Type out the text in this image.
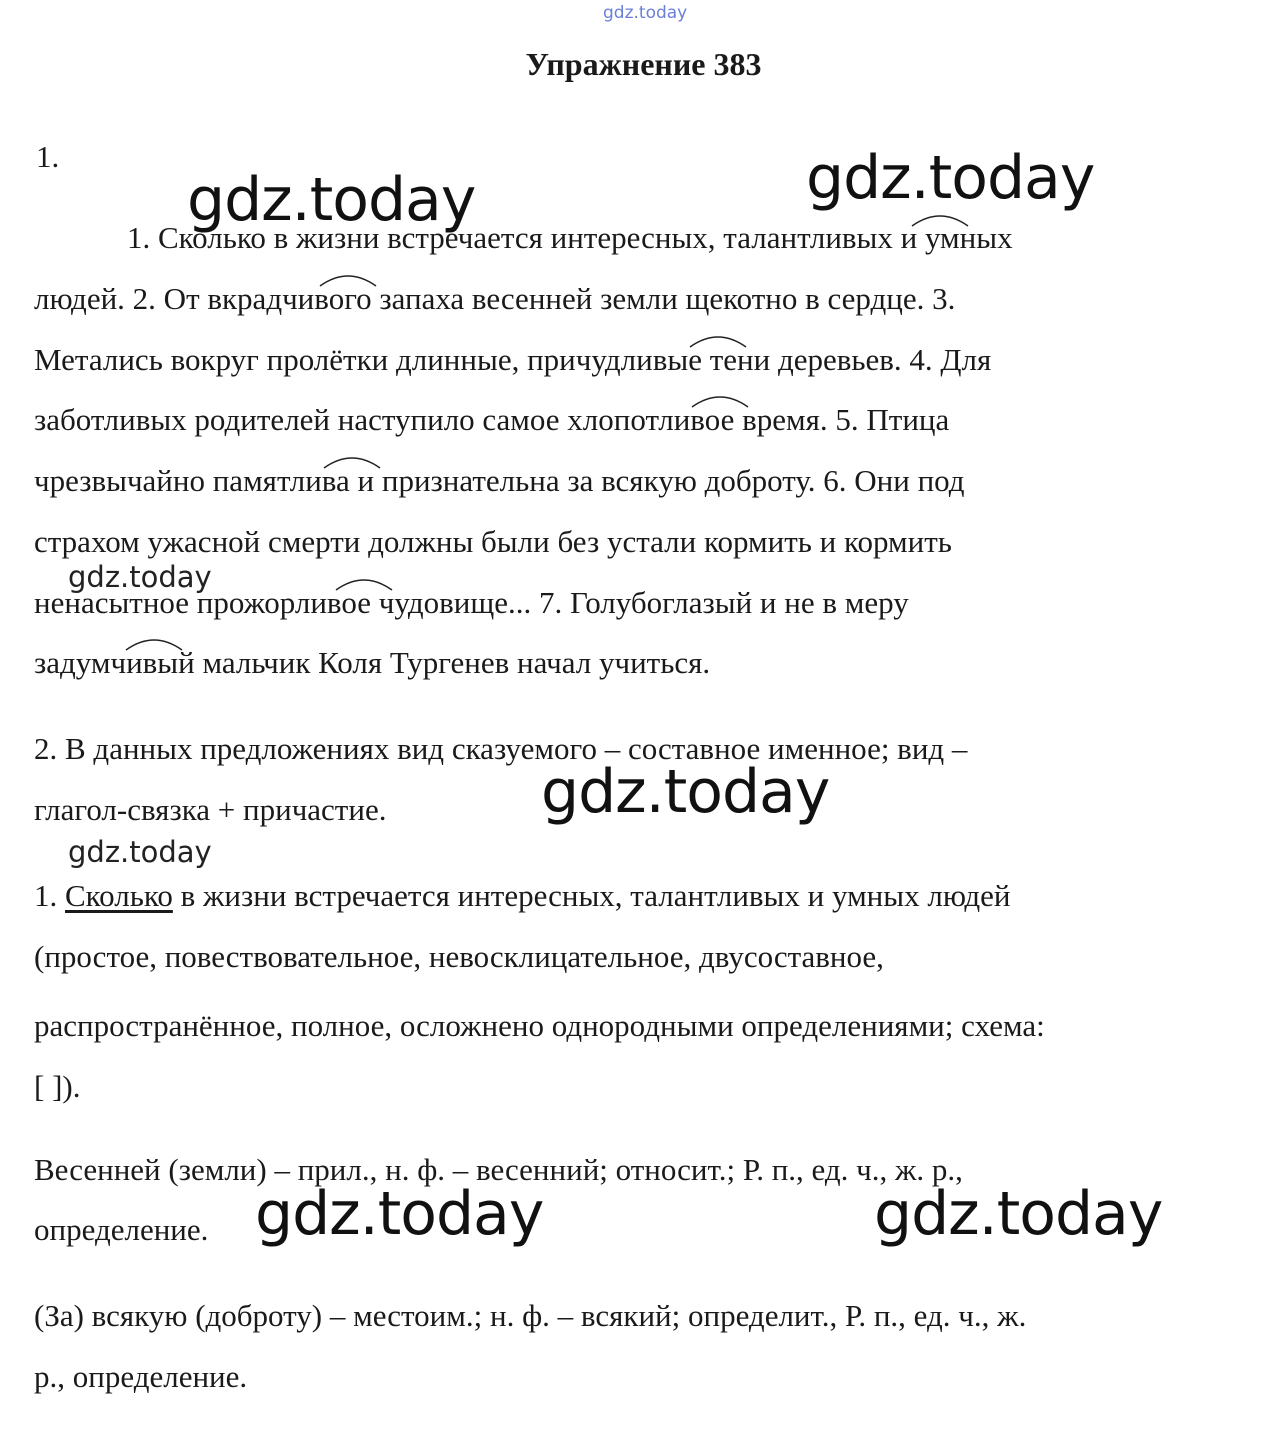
gdz.today
Упражнение 383
1.
1. Сколько в жизни встречается интересных, талантливых и умных
людей. 2. От вкрадчивого запаха весенней земли щекотно в сердце. 3.
Метались вокруг пролётки длинные, причудливые тени деревьев. 4. Для
заботливых родителей наступило самое хлопотливое время. 5. Птица
чрезвычайно памятлива и признательна за всякую доброту. 6. Они под
страхом ужасной смерти должны были без устали кормить и кормить
ненасытное прожорливое чудовище... 7. Голубоглазый и не в меру
задумчивый мальчик Коля Тургенев начал учиться.
2. В данных предложениях вид сказуемого – составное именное; вид –
глагол-связка + причастие.
1. Сколько в жизни встречается интересных, талантливых и умных людей
(простое, повествовательное, невосклицательное, двусоставное,
распространённое, полное, осложнено однородными определениями; схема:
[ ]).
Весенней (земли) – прил., н. ф. – весенний; относит.; Р. п., ед. ч., ж. р.,
определение.
(За) всякую (доброту) – местоим.; н. ф. – всякий; определит., Р. п., ед. ч., ж.
р., определение.
gdz.today	gdz.today
gdz.today
gdz.today
gdz.today
gdz.today	gdz.today
